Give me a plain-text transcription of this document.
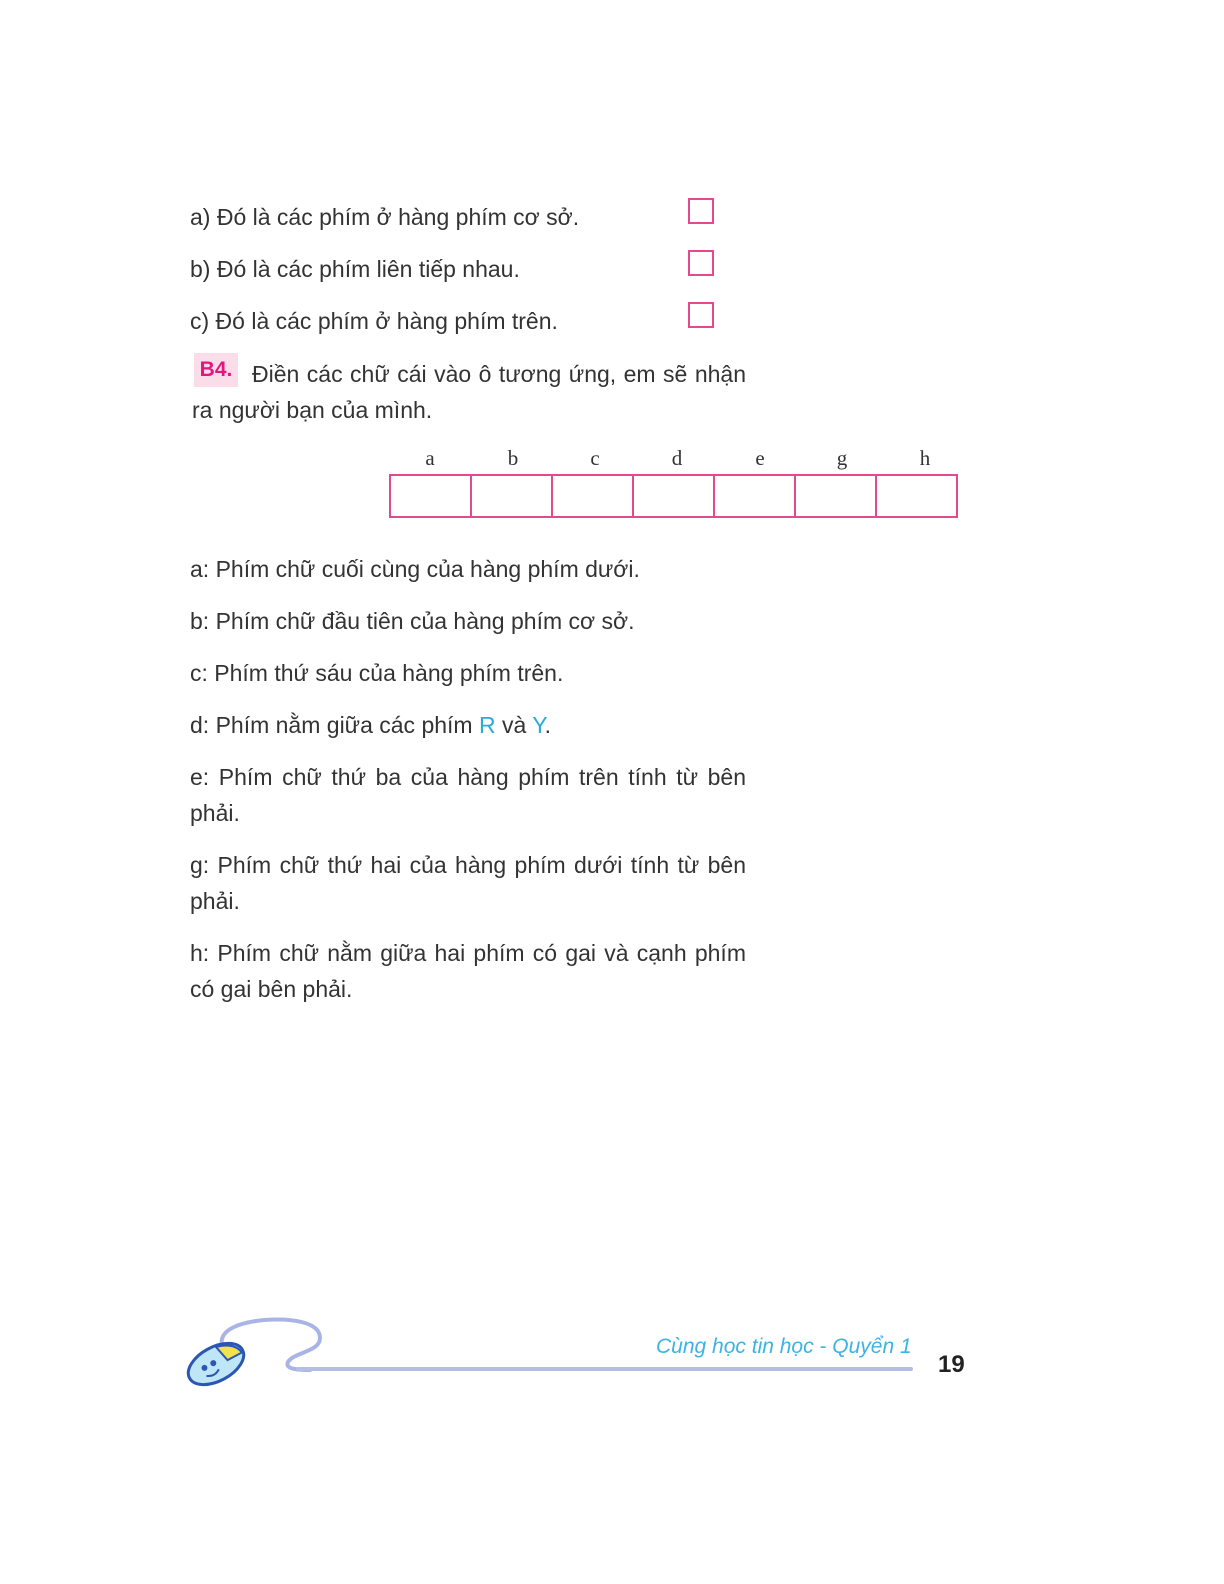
a) Đó là các phím ở hàng phím cơ sở.
b) Đó là các phím liên tiếp nhau.
c) Đó là các phím ở hàng phím trên.
Điền các chữ cái vào ô tương ứng, em sẽ nhận ra người bạn của mình.
B4.
a	b	c	d	e	g	h
a: Phím chữ cuối cùng của hàng phím dưới.
b: Phím chữ đầu tiên của hàng phím cơ sở.
c: Phím thứ sáu của hàng phím trên.
d: Phím nằm giữa các phím R và Y.
e: Phím chữ thứ ba của hàng phím trên tính từ bên phải.
g: Phím chữ thứ hai của hàng phím dưới tính từ bên phải.
h: Phím chữ nằm giữa hai phím có gai và cạnh phím có gai bên phải.
Cùng học tin học - Quyển 1
19
